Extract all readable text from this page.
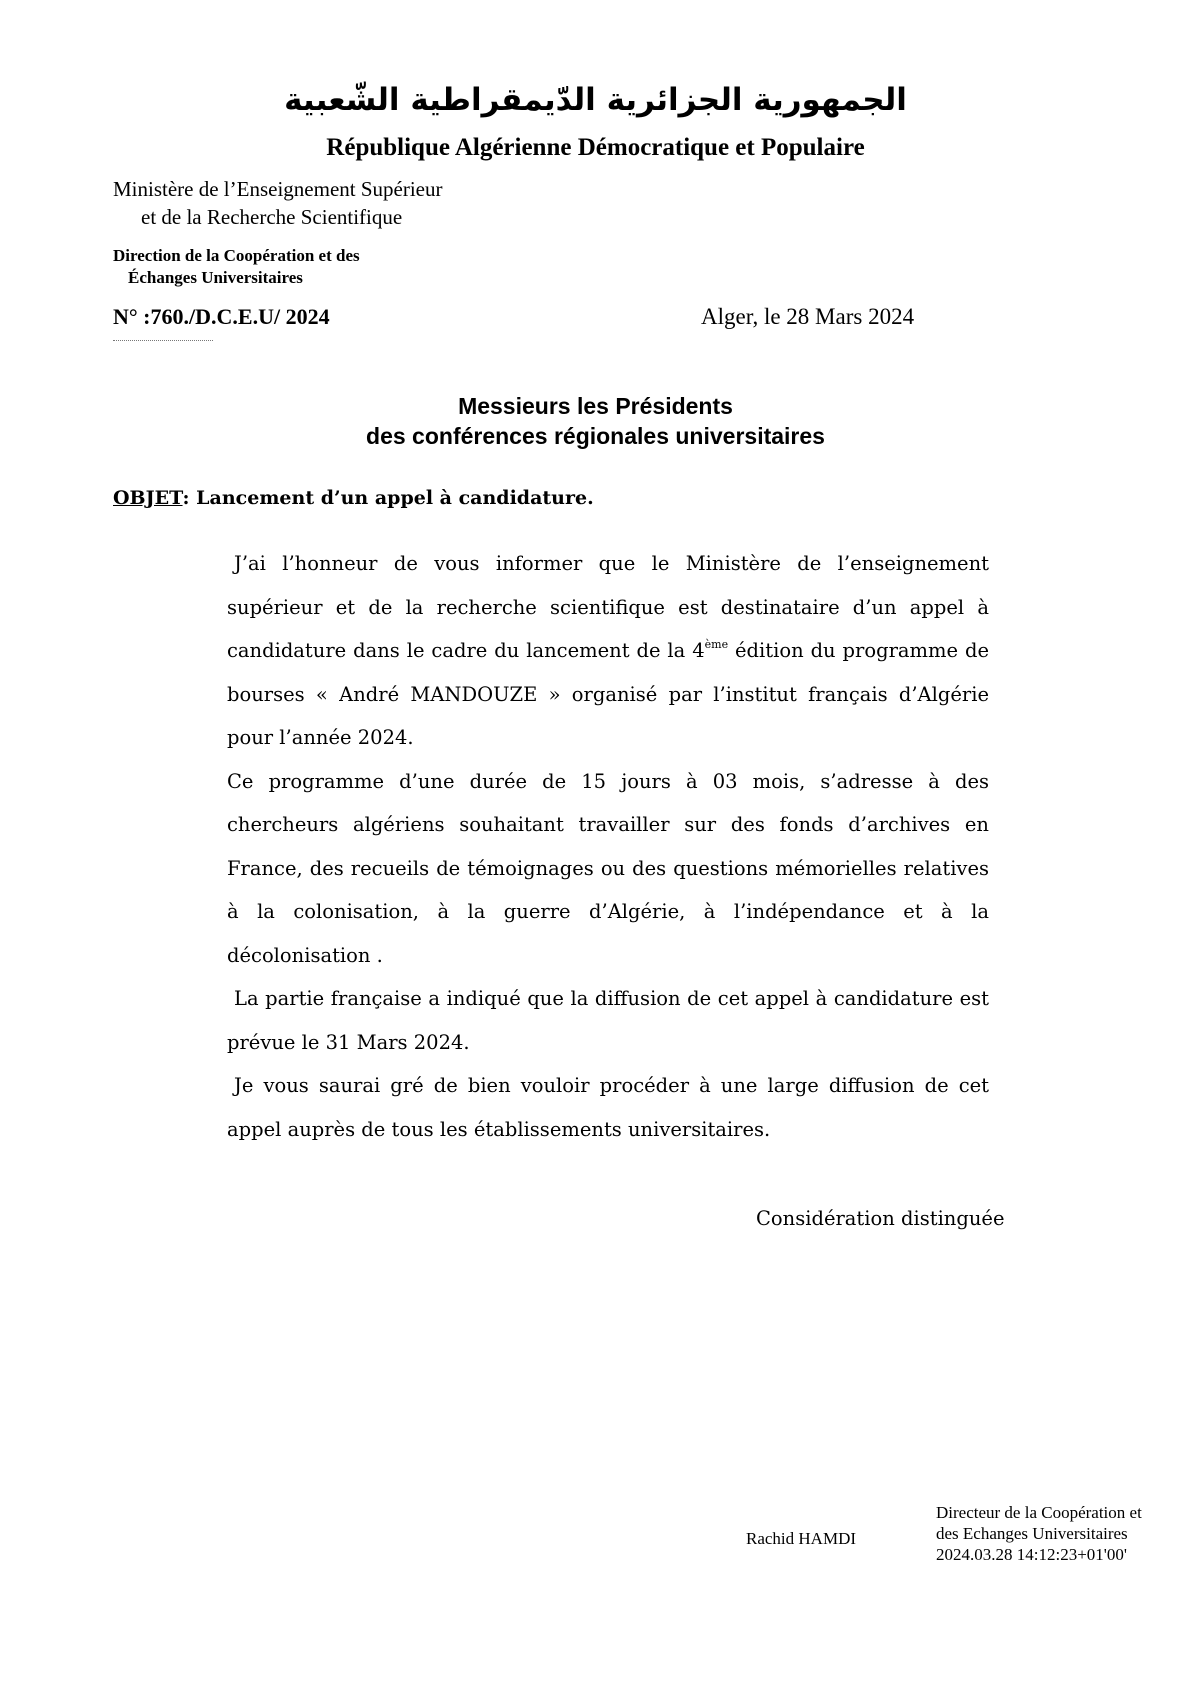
الجمهورية الجزائرية الدّيمقراطية الشّعبية
République Algérienne Démocratique et Populaire
Ministère de l’Enseignement Supérieur
et de la Recherche Scientifique
Direction de la Coopération et des
Échanges Universitaires
N° :760./D.C.E.U/ 2024	Alger, le 28 Mars 2024
Messieurs les Présidents
des conférences régionales universitaires
OBJET: Lancement d’un appel à candidature.

J’ai l’honneur de vous informer que le Ministère de l’enseignement supérieur et de la recherche scientifique est destinataire d’un appel à candidature dans le cadre du lancement de la 4ème édition du programme de bourses « André MANDOUZE » organisé par l’institut français d’Algérie pour l’année 2024.

Ce programme d’une durée de 15 jours à 03 mois, s’adresse à des chercheurs algériens souhaitant travailler sur des fonds d’archives en France, des recueils de témoignages ou des questions mémorielles relatives à la colonisation, à la guerre d’Algérie, à l’indépendance et à la décolonisation .

La partie française a indiqué que la diffusion de cet appel à candidature est prévue le 31 Mars 2024.

Je vous saurai gré de bien vouloir procéder à une large diffusion de cet appel auprès de tous les établissements universitaires.

Considération distinguée
Rachid HAMDI
Directeur de la Coopération et
des Echanges Universitaires
2024.03.28 14:12:23+01'00'
